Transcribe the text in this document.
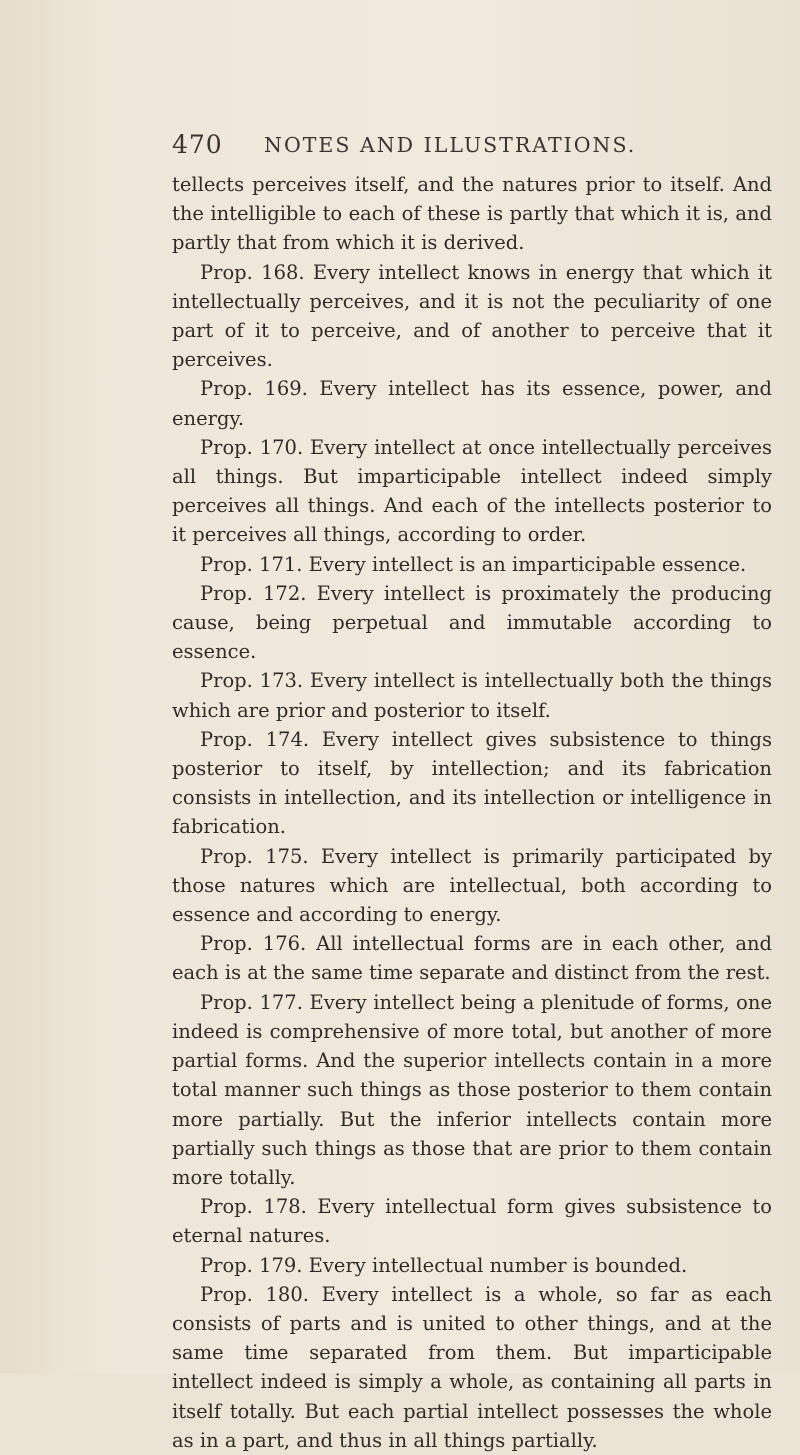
470 NOTES AND ILLUSTRATIONS.

tellects perceives itself, and the natures prior to itself. And the intelligible to each of these is partly that which it is, and partly that from which it is derived.

Prop. 168. Every intellect knows in energy that which it intellectually perceives, and it is not the peculiarity of one part of it to perceive, and of another to perceive that it perceives.

Prop. 169. Every intellect has its essence, power, and energy.

Prop. 170. Every intellect at once intellectually perceives all things. But imparticipable intellect indeed simply perceives all things. And each of the intellects posterior to it perceives all things, according to order.

Prop. 171. Every intellect is an imparticipable essence.

Prop. 172. Every intellect is proximately the producing cause, being perpetual and immutable according to essence.

Prop. 173. Every intellect is intellectually both the things which are prior and posterior to itself.

Prop. 174. Every intellect gives subsistence to things posterior to itself, by intellection; and its fabrication consists in intellection, and its intellection or intelligence in fabrication.

Prop. 175. Every intellect is primarily participated by those natures which are intellectual, both according to essence and according to energy.

Prop. 176. All intellectual forms are in each other, and each is at the same time separate and distinct from the rest.

Prop. 177. Every intellect being a plenitude of forms, one indeed is comprehensive of more total, but another of more partial forms. And the superior intellects contain in a more total manner such things as those posterior to them contain more partially. But the inferior intellects contain more partially such things as those that are prior to them contain more totally.

Prop. 178. Every intellectual form gives subsistence to eternal natures.

Prop. 179. Every intellectual number is bounded.

Prop. 180. Every intellect is a whole, so far as each consists of parts and is united to other things, and at the same time separated from them. But imparticipable intellect indeed is simply a whole, as containing all parts in itself totally. But each partial intellect possesses the whole as in a part, and thus in all things partially.
